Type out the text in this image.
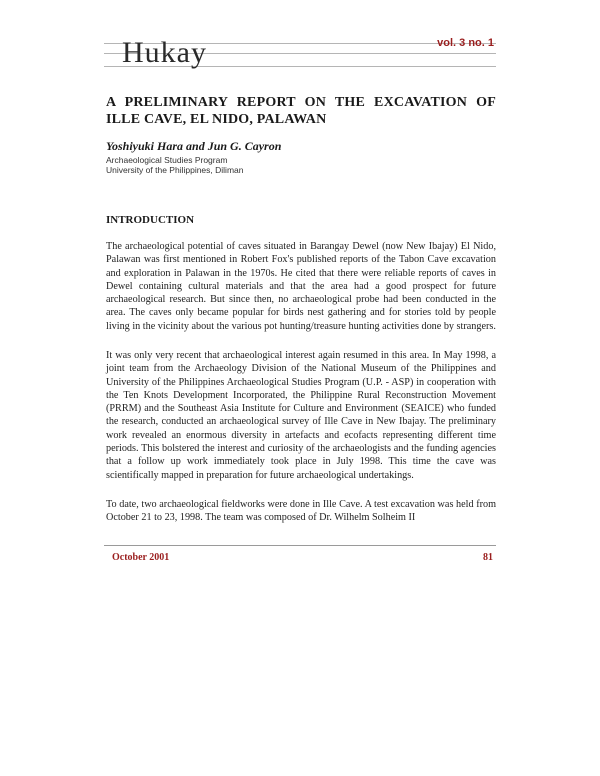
Hukay	vol. 3 no. 1
A PRELIMINARY REPORT ON THE EXCAVATION OF ILLE CAVE, EL NIDO, PALAWAN
Yoshiyuki Hara and Jun G. Cayron
Archaeological Studies Program
University of the Philippines, Diliman
INTRODUCTION
The archaeological potential of caves situated in Barangay Dewel (now New Ibajay) El Nido, Palawan was first mentioned in Robert Fox's published reports of the Tabon Cave excavation and exploration in Palawan in the 1970s. He cited that there were reliable reports of caves in Dewel containing cultural materials and that the area had a good prospect for future archaeological research. But since then, no archaeological probe had been conducted in the area. The caves only became popular for birds nest gathering and for stories told by people living in the vicinity about the various pot hunting/treasure hunting activities done by strangers.
It was only very recent that archaeological interest again resumed in this area. In May 1998, a joint team from the Archaeology Division of the National Museum of the Philippines and University of the Philippines Archaeological Studies Program (U.P. - ASP) in cooperation with the Ten Knots Development Incorporated, the Philippine Rural Reconstruction Movement (PRRM) and the Southeast Asia Institute for Culture and Environment (SEAICE) who funded the research, conducted an archaeological survey of Ille Cave in New Ibajay. The preliminary work revealed an enormous diversity in artefacts and ecofacts representing different time periods. This bolstered the interest and curiosity of the archaeologists and the funding agencies that a follow up work immediately took place in July 1998. This time the cave was scientifically mapped in preparation for future archaeological undertakings.
To date, two archaeological fieldworks were done in Ille Cave. A test excavation was held from October 21 to 23, 1998. The team was composed of Dr. Wilhelm Solheim II
October 2001	81
